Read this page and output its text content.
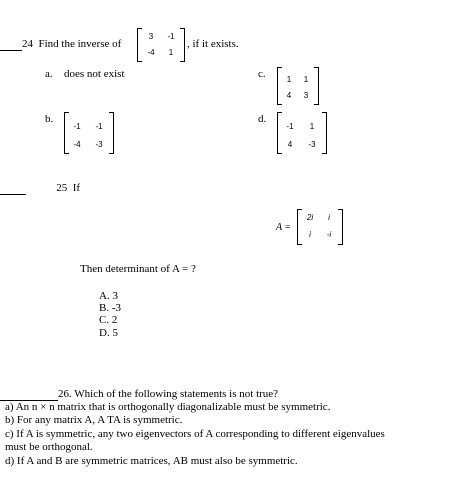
24 Find the inverse of
3	-1
-4	1
, if it exists.
a. does not exist	c.	1	1
4	3
b.
-1	-1
-4	-3
d.
-1	1
4	-3
25 If
A =
2i	i
i	-i
Then determinant of A = ?
A. 3
B. -3
C. 2
D. 5
26. Which of the following statements is not true?
a) An n × n matrix that is orthogonally diagonalizable must be symmetric.
b) For any matrix A, A TA is symmetric.
c) If A is symmetric, any two eigenvectors of A corresponding to different eigenvalues
must be orthogonal.
d) If A and B are symmetric matrices, AB must also be symmetric.
